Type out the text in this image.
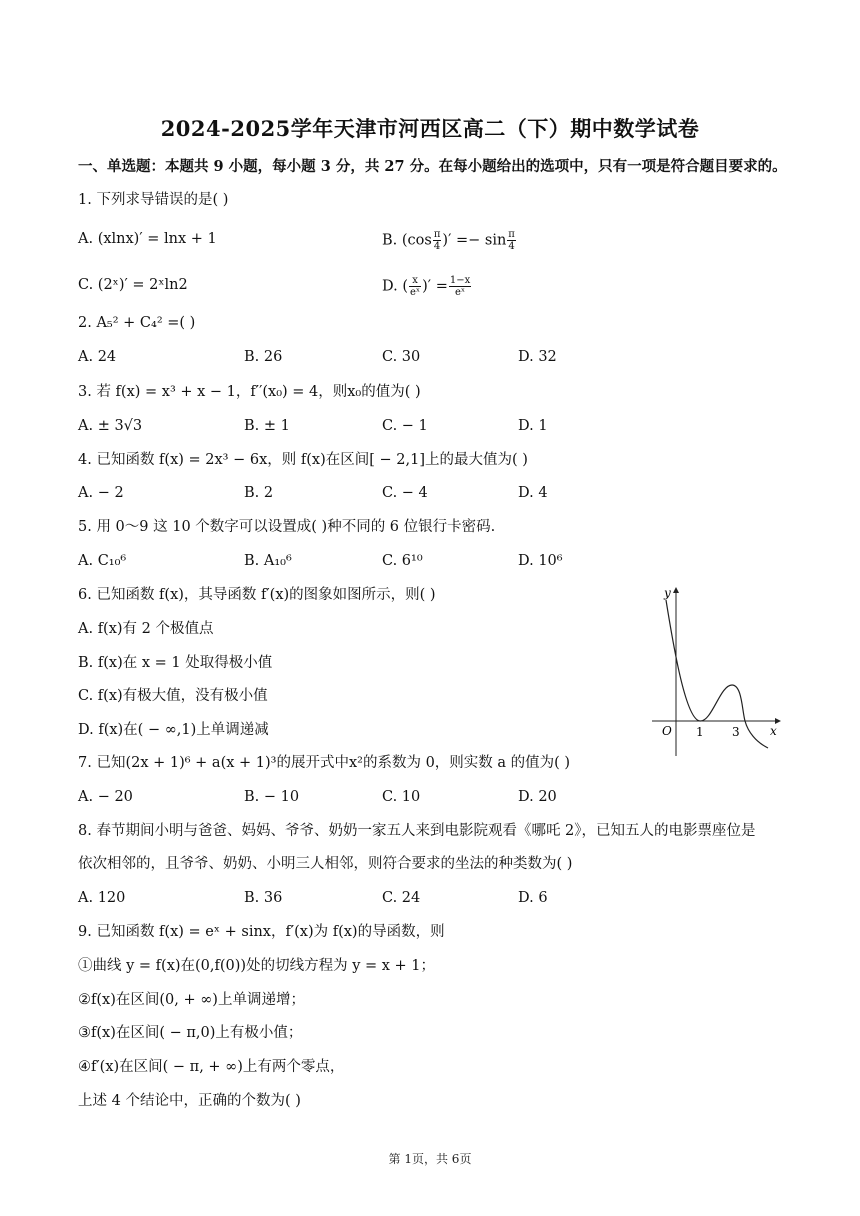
2024-2025学年天津市河西区高二（下）期中数学试卷
一、单选题：本题共 9 小题，每小题 3 分，共 27 分。在每小题给出的选项中，只有一项是符合题目要求的。
1. 下列求导错误的是( )
A. (xlnx)′ = lnx + 1	B. ($\cos \frac{\pi}{4}$ )′ =− $\sin \frac{\pi}{4}$
C. (2ˣ)′ = 2ˣln2	D. ( $\frac{x}{\text{eˣ}}$ )′ = $\frac{1-x}{\text{eˣ}}$
2. A₅² + C₄² =( )
A. 24	B. 26	C. 30	D. 32
3. 若 f(x) = x³ + x − 1，f′′(x₀) = 4，则x₀的值为( )
A. ± 3√3	B. ± 1	C. − 1	D. 1
4. 已知函数 f(x) = 2x³ − 6x，则 f(x)在区间[ − 2,1]上的最大值为( )
A. − 2	B. 2	C. − 4	D. 4
5. 用 0～9 这 10 个数字可以设置成( )种不同的 6 位银行卡密码.
A. C₁₀⁶	B. A₁₀⁶	C. 6¹⁰	D. 10⁶
6. 已知函数 f(x)，其导函数 f′(x)的图象如图所示，则( )
A. f(x)有 2 个极值点
B. f(x)在 x = 1 处取得极小值
C. f(x)有极大值，没有极小值
D. f(x)在( − ∞,1)上单调递减
y
x
O 1 3
7. 已知(2x + 1)⁶ + a(x + 1)³的展开式中x²的系数为 0，则实数 a 的值为( )
A. − 20	B. − 10	C. 10	D. 20
8. 春节期间小明与爸爸、妈妈、爷爷、奶奶一家五人来到电影院观看《哪吒 2》，已知五人的电影票座位是
依次相邻的，且爷爷、奶奶、小明三人相邻，则符合要求的坐法的种类数为( )
A. 120	B. 36	C. 24	D. 6
9. 已知函数 f(x) = eˣ + sinx，f′(x)为 f(x)的导函数，则
①曲线 y = f(x)在(0,f(0))处的切线方程为 y = x + 1；
②f(x)在区间(0, + ∞)上单调递增；
③f(x)在区间( − π,0)上有极小值；
④f′(x)在区间( − π, + ∞)上有两个零点，
上述 4 个结论中，正确的个数为( )
第 1页，共 6页
